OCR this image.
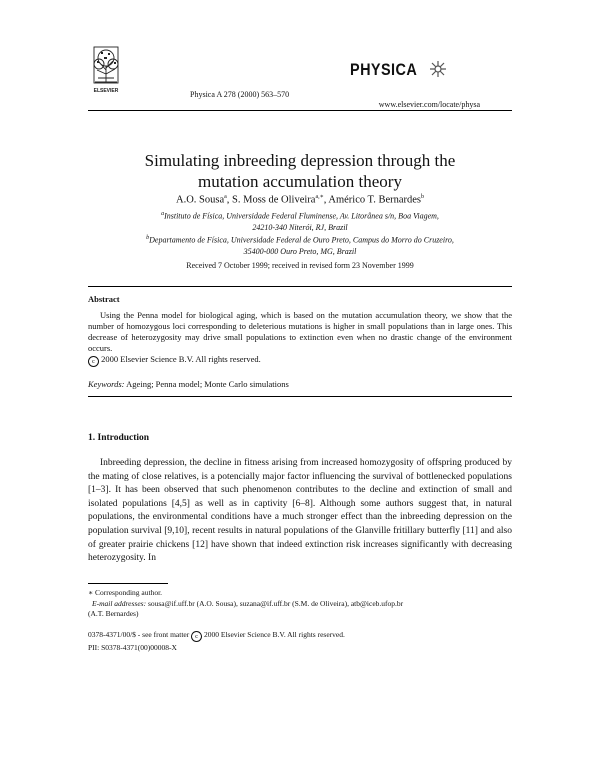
ELSEVIER	Physica A 278 (2000) 563–570
PHYSICA
www.elsevier.com/locate/physa
Simulating inbreeding depression through the
mutation accumulation theory
A.O. Sousa$^a$, S. Moss de Oliveira$^{a,∗}$, Américo T. Bernardes$^b$
$^a$Instituto de Física, Universidade Federal Fluminense, Av. Litorânea s/n, Boa Viagem,
24210-340 Niterói, RJ, Brazil
$^b$Departamento de Física, Universidade Federal de Ouro Preto, Campus do Morro do Cruzeiro,
35400-000 Ouro Preto, MG, Brazil
Received 7 October 1999; received in revised form 23 November 1999
Abstract

Using the Penna model for biological aging, which is based on the mutation accumulation theory, we show that the number of homozygous loci corresponding to deleterious mutations is higher in small populations than in large ones. This decrease of heterozygosity may drive small populations to extinction even when no drastic change of the environment occurs.

c 2000 Elsevier Science B.V. All rights reserved.
Keywords: Ageing; Penna model; Monte Carlo simulations
1. Introduction

Inbreeding depression, the decline in fitness arising from increased homozygosity of offspring produced by the mating of close relatives, is a potencially major factor influencing the survival of bottlenecked populations [1–3]. It has been observed that such phenomenon contributes to the decline and extinction of small and isolated populations [4,5] as well as in captivity [6–8]. Although some authors suggest that, in natural populations, the environmental conditions have a much stronger effect than the inbreeding depression on the population survival [9,10], recent results in natural populations of the Glanville fritillary butterfly [11] and also of greater prairie chickens [12] have shown that indeed extinction risk increases significantly with decreasing heterozygosity. In

∗ Corresponding author.

E-mail addresses: sousa@if.uff.br (A.O. Sousa), suzana@if.uff.br (S.M. de Oliveira), atb@iceb.ufop.br

(A.T. Bernardes)

0378-4371/00/$ - see front matter c 2000 Elsevier Science B.V. All rights reserved.
PII: S0378-4371(00)00008-X
